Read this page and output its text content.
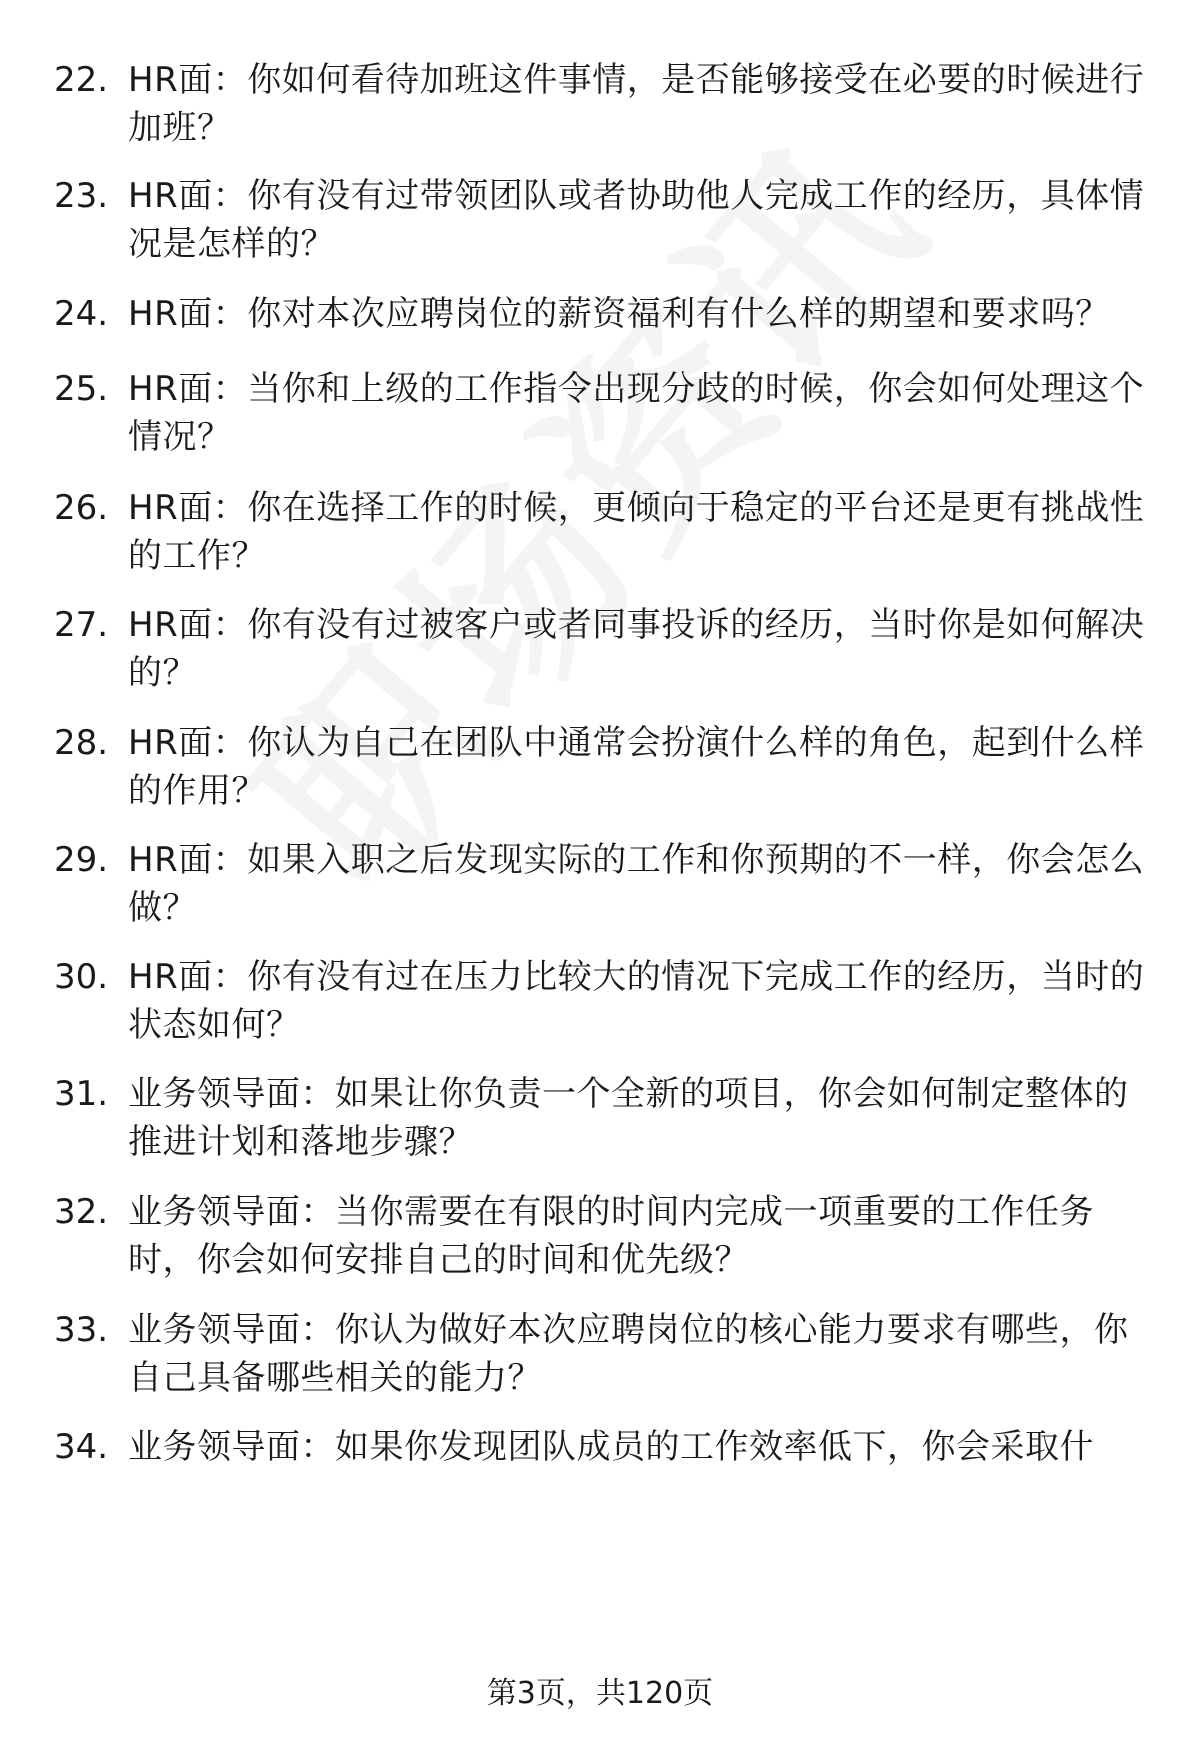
22. HR面：你如何看待加班这件事情，是否能够接受在必要的时候进行加班？
23. HR面：你有没有过带领团队或者协助他人完成工作的经历，具体情况是怎样的？
24. HR面：你对本次应聘岗位的薪资福利有什么样的期望和要求吗？
25. HR面：当你和上级的工作指令出现分歧的时候，你会如何处理这个情况？
26. HR面：你在选择工作的时候，更倾向于稳定的平台还是更有挑战性的工作？
27. HR面：你有没有过被客户或者同事投诉的经历，当时你是如何解决的？
28. HR面：你认为自己在团队中通常会扮演什么样的角色，起到什么样的作用？
29. HR面：如果入职之后发现实际的工作和你预期的不一样，你会怎么做？
30. HR面：你有没有过在压力比较大的情况下完成工作的经历，当时的状态如何？
31. 业务领导面：如果让你负责一个全新的项目，你会如何制定整体的推进计划和落地步骤？
32. 业务领导面：当你需要在有限的时间内完成一项重要的工作任务时，你会如何安排自己的时间和优先级？
33. 业务领导面：你认为做好本次应聘岗位的核心能力要求有哪些，你自己具备哪些相关的能力？
34. 业务领导面：如果你发现团队成员的工作效率低下，你会采取什
第3页，共120页
